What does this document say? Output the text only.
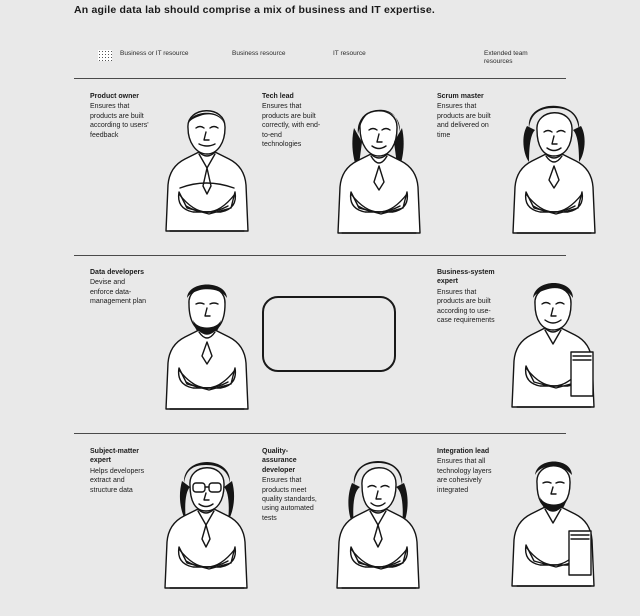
An agile data lab should comprise a mix of business and IT expertise.
Business or IT resource	Business resource	IT resource	Extended team resources
Product owner
Ensures that products are built according to users' feedback
Tech lead
Ensures that products are built correctly, with end-to-end technologies
Scrum master
Ensures that products are built and delivered on time
Data developers
Devise and enforce data-management plan
Business-system expert
Ensures that products are built according to use-case requirements
Subject-matter expert
Helps developers extract and structure data
Quality-assurance developer
Ensures that products meet quality standards, using automated tests
Integration lead
Ensures that all technology layers are cohesively integrated
